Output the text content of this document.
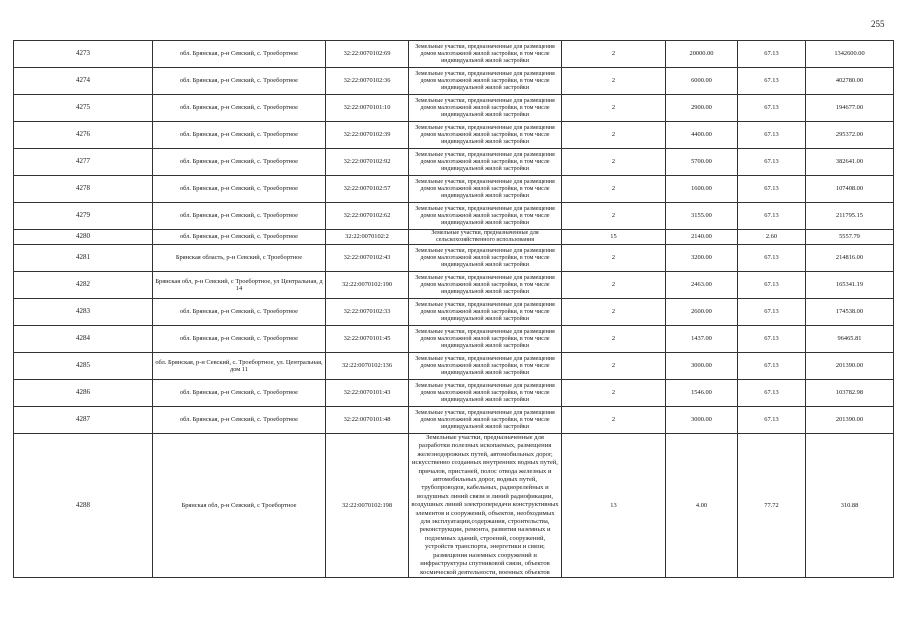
255
4273	обл. Брянская, р-н Севский, с. Троебортное	32:22:0070102:69	Земельные участки, предназначенные для размещения домов малоэтажной жилой застройки, в том числе индивидуальной жилой застройки	2	20000.00	67.13	1342600.00
4274	обл. Брянская, р-н Севский, с. Троебортное	32:22:0070102:36	Земельные участки, предназначенные для размещения домов малоэтажной жилой застройки, в том числе индивидуальной жилой застройки	2	6000.00	67.13	402780.00
4275	обл. Брянская, р-н Севский, с. Троебортное	32:22:0070101:10	Земельные участки, предназначенные для размещения домов малоэтажной жилой застройки, в том числе индивидуальной жилой застройки	2	2900.00	67.13	194677.00
4276	обл. Брянская, р-н Севский, с. Троебортное	32:22:0070102:39	Земельные участки, предназначенные для размещения домов малоэтажной жилой застройки, в том числе индивидуальной жилой застройки	2	4400.00	67.13	295372.00
4277	обл. Брянская, р-н Севский, с. Троебортное	32:22:0070102:92	Земельные участки, предназначенные для размещения домов малоэтажной жилой застройки, в том числе индивидуальной жилой застройки	2	5700.00	67.13	382641.00
4278	обл. Брянская, р-н Севский, с. Троебортное	32:22:0070102:57	Земельные участки, предназначенные для размещения домов малоэтажной жилой застройки, в том числе индивидуальной жилой застройки	2	1600.00	67.13	107408.00
4279	обл. Брянская, р-н Севский, с. Троебортное	32:22:0070102:62	Земельные участки, предназначенные для размещения домов малоэтажной жилой застройки, в том числе индивидуальной жилой застройки	2	3155.00	67.13	211795.15
4280	обл. Брянская, р-н Севский, с. Троебортное	32:22:0070102:2	Земельные участки, предназначенные для сельскохозяйственного использования	15	2140.00	2.60	5557.79
4281	Брянская область, р-н Севский, с Троебортное	32:22:0070102:43	Земельные участки, предназначенные для размещения домов малоэтажной жилой застройки, в том числе индивидуальной жилой застройки	2	3200.00	67.13	214816.00
4282	Брянская обл, р-н Севский, с Троебортное, ул Центральная, д 14	32:22:0070102:190	Земельные участки, предназначенные для размещения домов малоэтажной жилой застройки, в том числе индивидуальной жилой застройки	2	2463.00	67.13	165341.19
4283	обл. Брянская, р-н Севский, с. Троебортное	32:22:0070102:33	Земельные участки, предназначенные для размещения домов малоэтажной жилой застройки, в том числе индивидуальной жилой застройки	2	2600.00	67.13	174538.00
4284	обл. Брянская, р-н Севский, с. Троебортное	32:22:0070101:45	Земельные участки, предназначенные для размещения домов малоэтажной жилой застройки, в том числе индивидуальной жилой застройки	2	1437.00	67.13	96465.81
4285	обл. Брянская, р-н Севский, с. Троебортное, ул. Центральная, дом 11	32:22:0070102:136	Земельные участки, предназначенные для размещения домов малоэтажной жилой застройки, в том числе индивидуальной жилой застройки	2	3000.00	67.13	201390.00
4286	обл. Брянская, р-н Севский, с. Троебортное	32:22:0070101:43	Земельные участки, предназначенные для размещения домов малоэтажной жилой застройки, в том числе индивидуальной жилой застройки	2	1546.00	67.13	103782.98
4287	обл. Брянская, р-н Севский, с. Троебортное	32:22:0070101:48	Земельные участки, предназначенные для размещения домов малоэтажной жилой застройки, в том числе индивидуальной жилой застройки	2	3000.00	67.13	201390.00
4288	Брянская обл, р-н Севский, с Троебортное	32:22:0070102:198	Земельные участки, предназначенные для разработки полезных ископаемых, размещения железнодорожных путей, автомобильных дорог, искусственно созданных внутренних водных путей, причалов, пристаней, полос отвода железных и автомобильных дорог, водных путей, трубопроводов, кабельных, радиорелейных и воздушных линий связи и линий радиофикации, воздушных линий электропередачи конструктивных элементов и сооружений, объектов, необходимых для эксплуатации,содержания, строительства, реконструкции, ремонта, развития наземных и подземных зданий, строений, сооружений, устройств транспорта, энергетики и связи; размещения наземных сооружений и инфраструктуры спутниковой связи, объектов космической деятельности, военных объектов	13	4.00	77.72	310.88
